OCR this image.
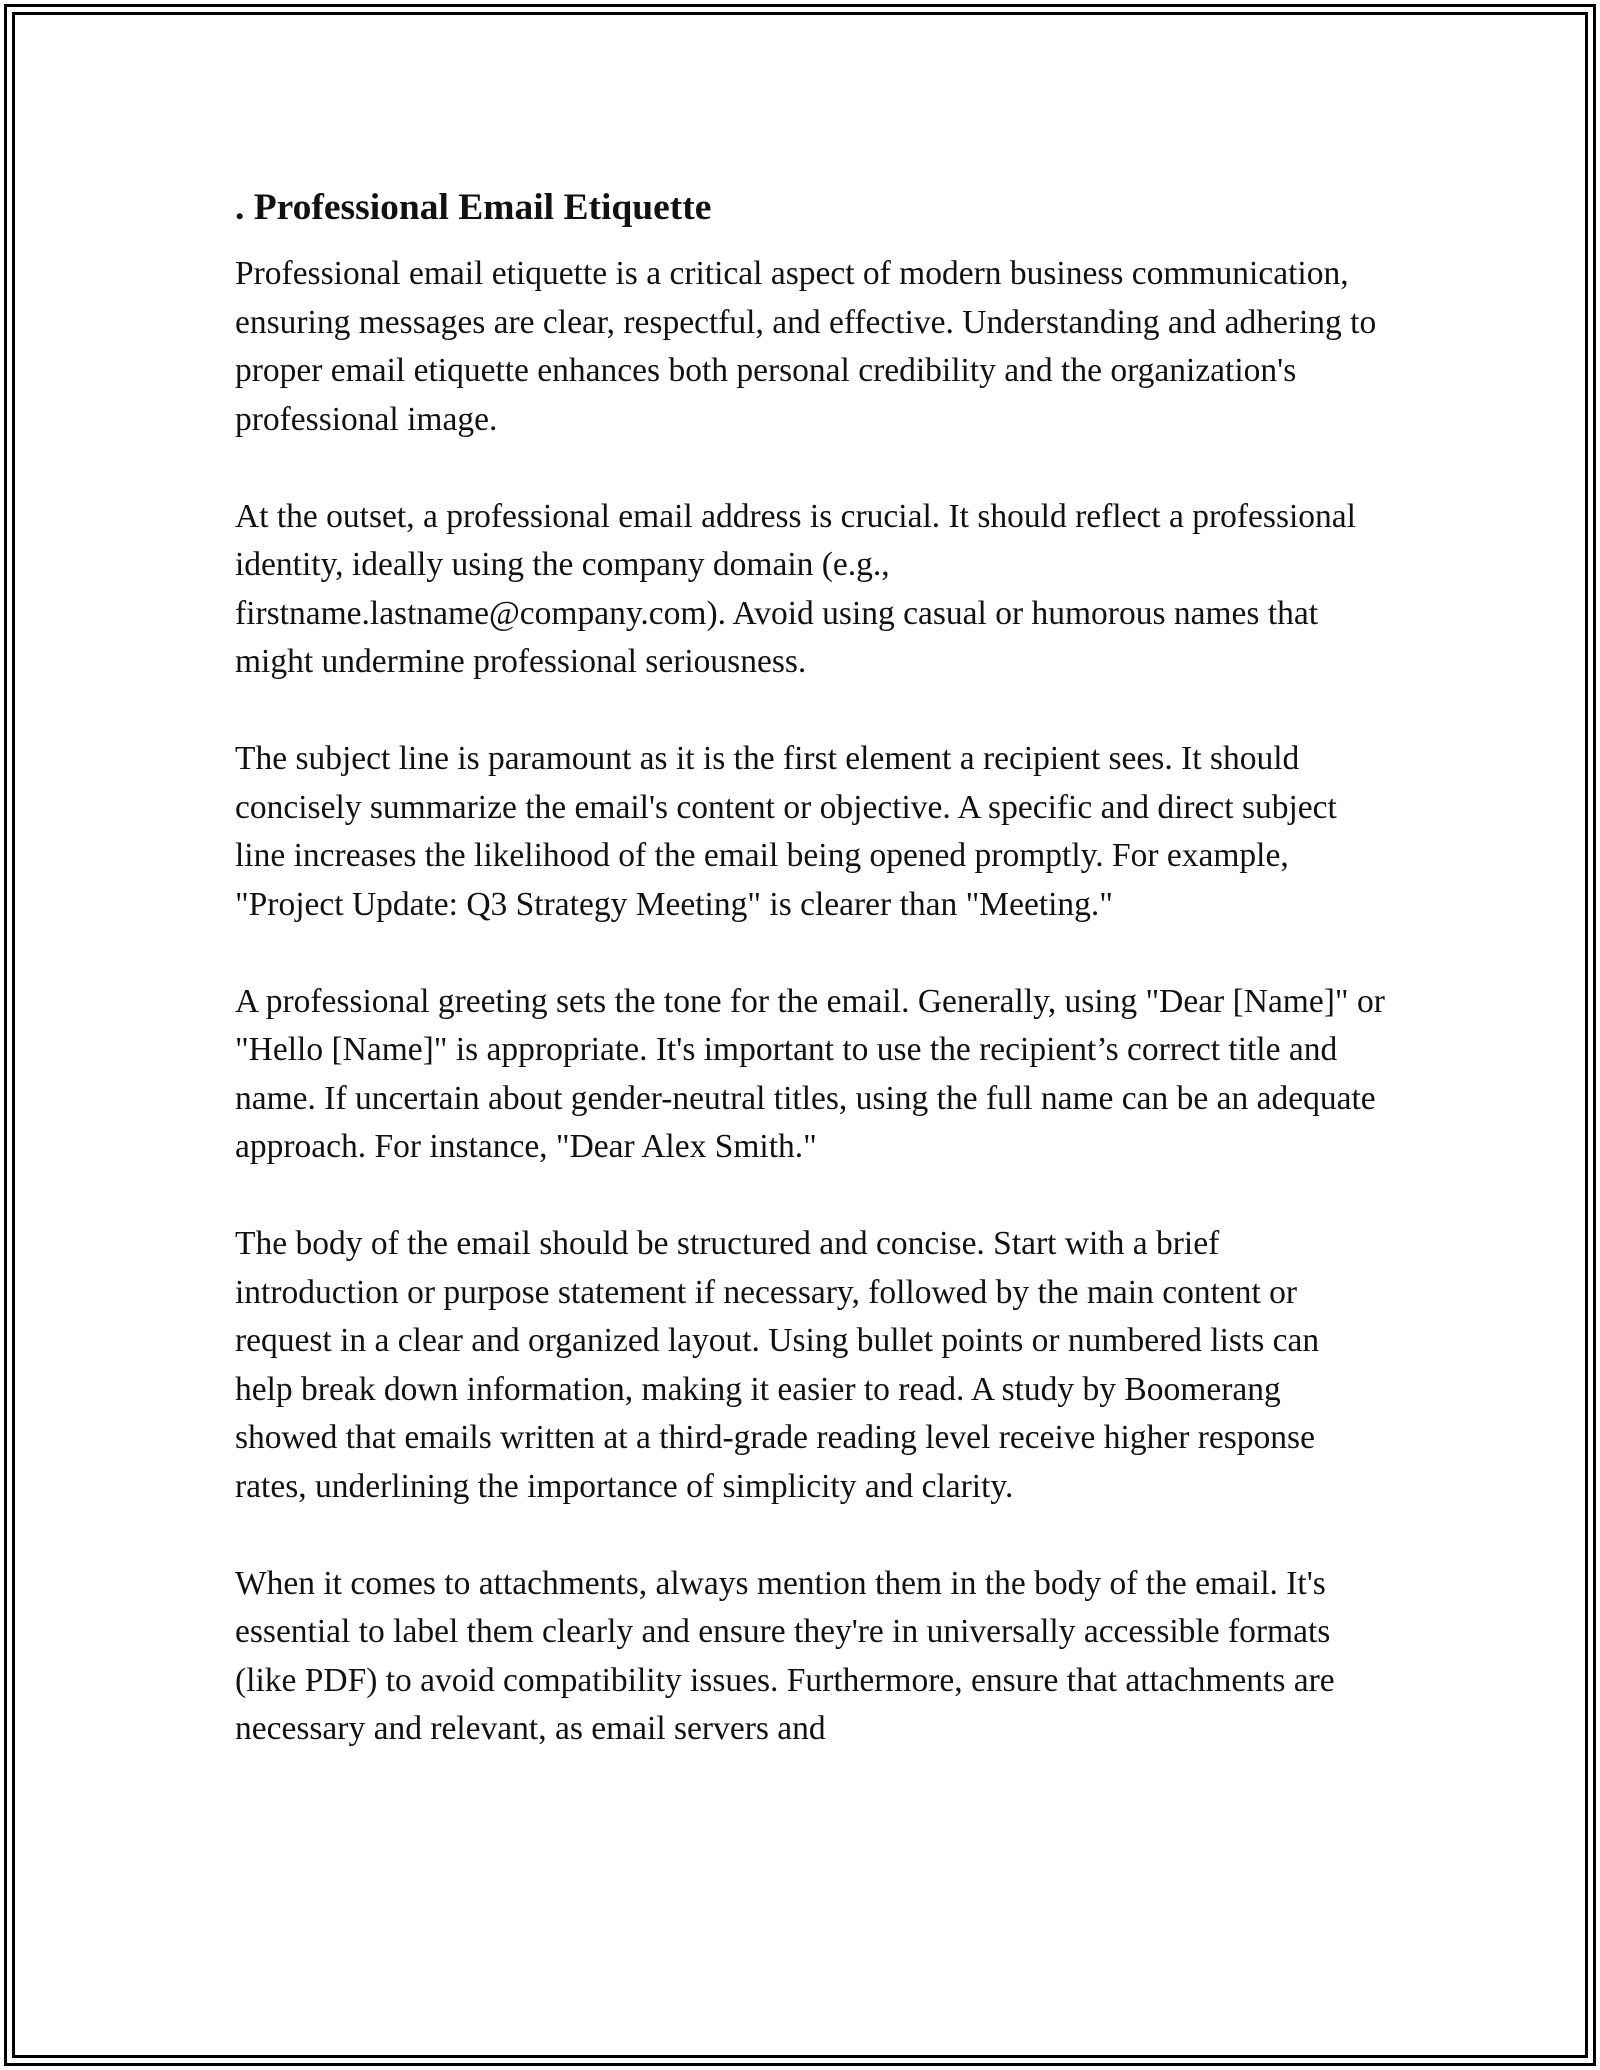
. Professional Email Etiquette

Professional email etiquette is a critical aspect of modern business communication, ensuring messages are clear, respectful, and effective. Understanding and adhering to proper email etiquette enhances both personal credibility and the organization's professional image.

At the outset, a professional email address is crucial. It should reflect a professional identity, ideally using the company domain (e.g., firstname.lastname@company.com). Avoid using casual or humorous names that might undermine professional seriousness.

The subject line is paramount as it is the first element a recipient sees. It should concisely summarize the email's content or objective. A specific and direct subject line increases the likelihood of the email being opened promptly. For example, "Project Update: Q3 Strategy Meeting" is clearer than "Meeting."

A professional greeting sets the tone for the email. Generally, using "Dear [Name]" or "Hello [Name]" is appropriate. It's important to use the recipient’s correct title and name. If uncertain about gender-neutral titles, using the full name can be an adequate approach. For instance, "Dear Alex Smith."

The body of the email should be structured and concise. Start with a brief introduction or purpose statement if necessary, followed by the main content or request in a clear and organized layout. Using bullet points or numbered lists can help break down information, making it easier to read. A study by Boomerang showed that emails written at a third-grade reading level receive higher response rates, underlining the importance of simplicity and clarity.

When it comes to attachments, always mention them in the body of the email. It's essential to label them clearly and ensure they're in universally accessible formats (like PDF) to avoid compatibility issues. Furthermore, ensure that attachments are necessary and relevant, as email servers and
